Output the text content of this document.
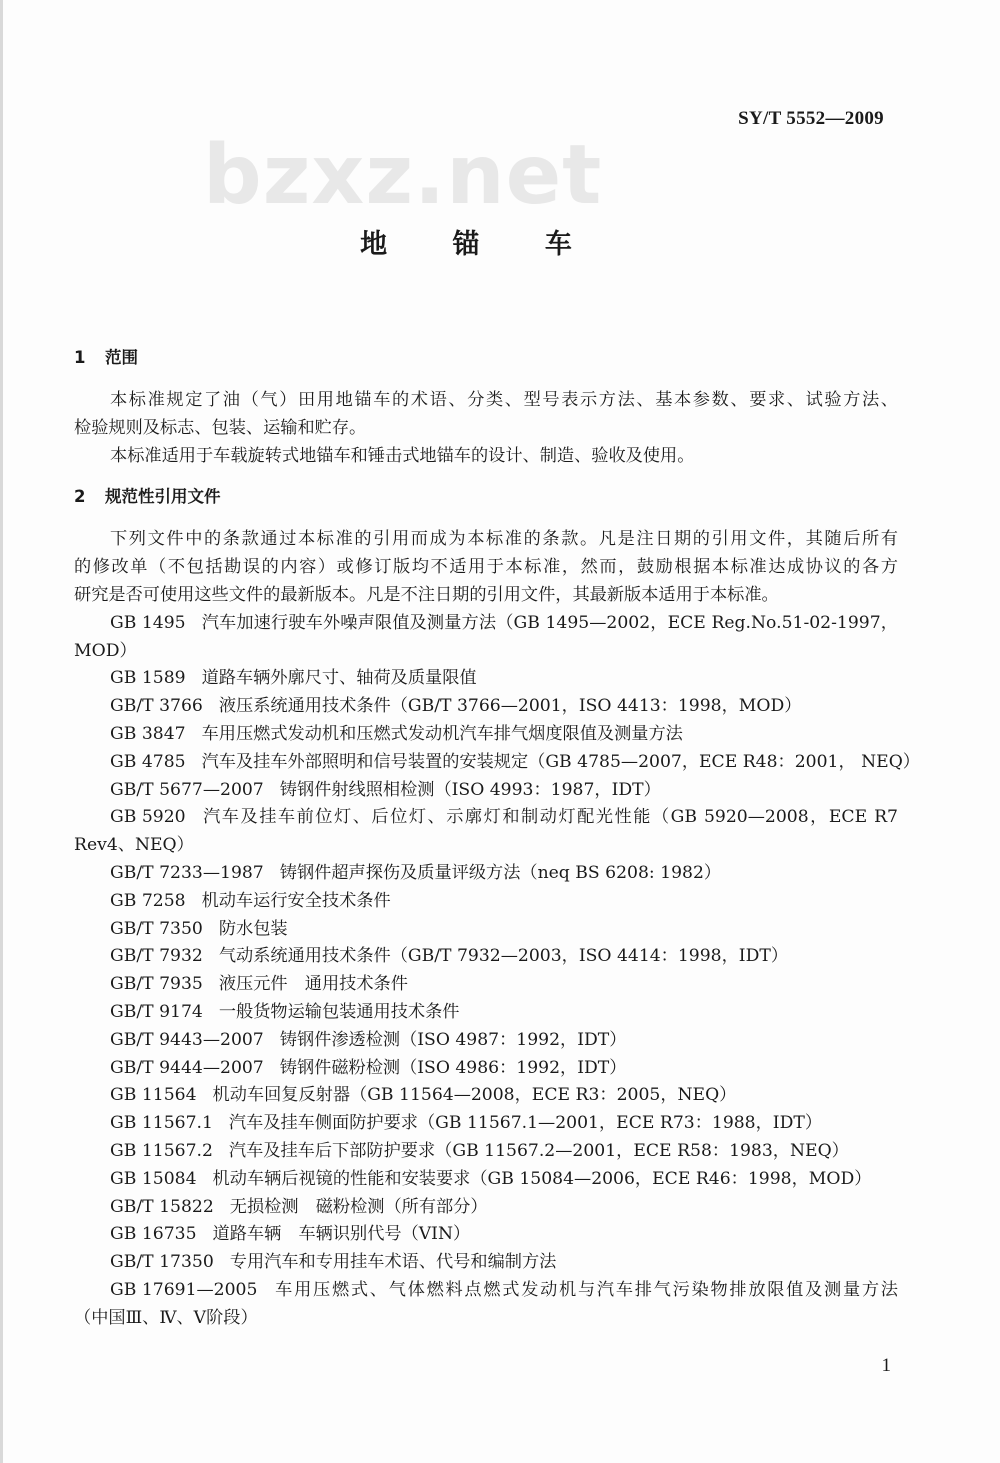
SY/T 5552—2009
bzxz.net
地 锚 车
1 范围
本标准规定了油（气）田用地锚车的术语、分类、型号表示方法、基本参数、要求、试验方法、
检验规则及标志、包装、运输和贮存。
本标准适用于车载旋转式地锚车和锤击式地锚车的设计、制造、验收及使用。
2 规范性引用文件
下列文件中的条款通过本标准的引用而成为本标准的条款。凡是注日期的引用文件，其随后所有
的修改单（不包括勘误的内容）或修订版均不适用于本标准，然而，鼓励根据本标准达成协议的各方
研究是否可使用这些文件的最新版本。凡是不注日期的引用文件，其最新版本适用于本标准。
GB 1495 汽车加速行驶车外噪声限值及测量方法（GB 1495—2002，ECE Reg.No.51-02-1997，
MOD）
GB 1589 道路车辆外廓尺寸、轴荷及质量限值
GB/T 3766 液压系统通用技术条件（GB/T 3766—2001，ISO 4413：1998，MOD）
GB 3847 车用压燃式发动机和压燃式发动机汽车排气烟度限值及测量方法
GB 4785 汽车及挂车外部照明和信号装置的安装规定（GB 4785—2007，ECE R48：2001， NEQ）
GB/T 5677—2007 铸钢件射线照相检测（ISO 4993：1987，IDT）
GB 5920 汽车及挂车前位灯、后位灯、示廓灯和制动灯配光性能（GB 5920—2008，ECE R7
Rev4、NEQ）
GB/T 7233—1987 铸钢件超声探伤及质量评级方法（neq BS 6208: 1982）
GB 7258 机动车运行安全技术条件
GB/T 7350 防水包装
GB/T 7932 气动系统通用技术条件（GB/T 7932—2003，ISO 4414：1998，IDT）
GB/T 7935 液压元件　通用技术条件
GB/T 9174 一般货物运输包装通用技术条件
GB/T 9443—2007 铸钢件渗透检测（ISO 4987：1992，IDT）
GB/T 9444—2007 铸钢件磁粉检测（ISO 4986：1992，IDT）
GB 11564 机动车回复反射器（GB 11564—2008，ECE R3：2005，NEQ）
GB 11567.1 汽车及挂车侧面防护要求（GB 11567.1—2001，ECE R73：1988，IDT）
GB 11567.2 汽车及挂车后下部防护要求（GB 11567.2—2001，ECE R58：1983，NEQ）
GB 15084 机动车辆后视镜的性能和安装要求（GB 15084—2006，ECE R46：1998，MOD）
GB/T 15822 无损检测　磁粉检测（所有部分）
GB 16735 道路车辆　车辆识别代号（VIN）
GB/T 17350 专用汽车和专用挂车术语、代号和编制方法
GB 17691—2005 车用压燃式、气体燃料点燃式发动机与汽车排气污染物排放限值及测量方法
（中国Ⅲ、Ⅳ、Ⅴ阶段）
1
